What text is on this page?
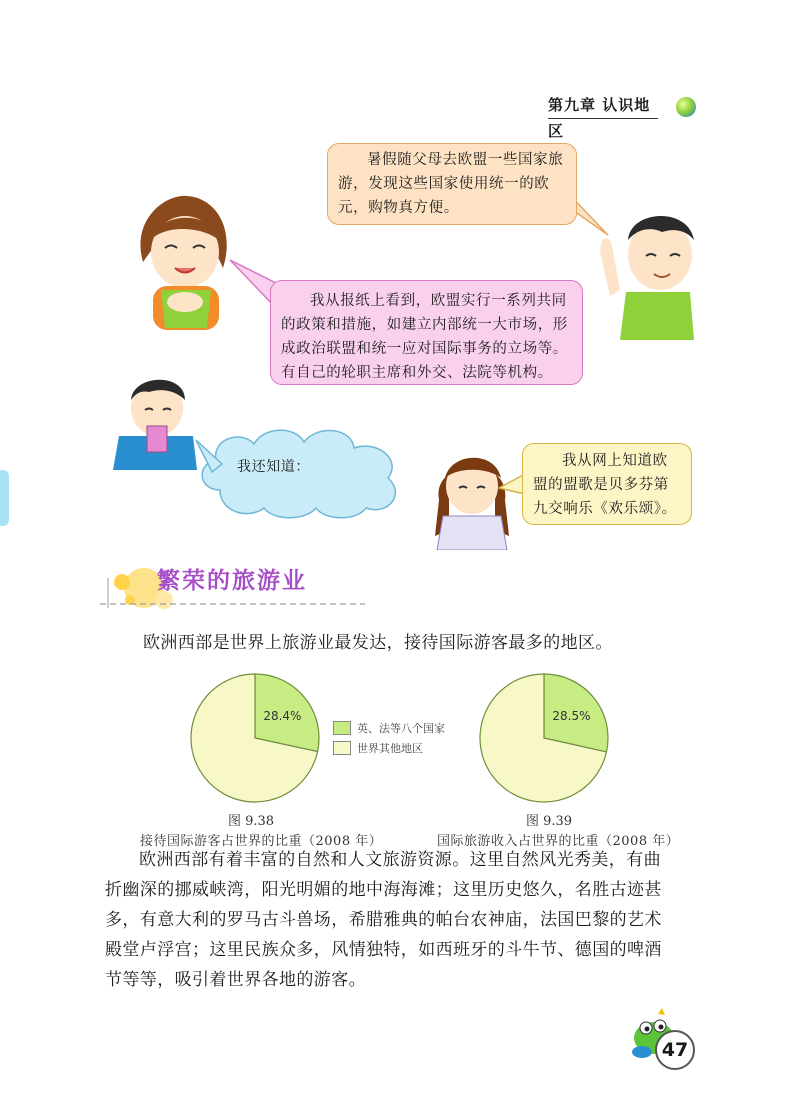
第九章 认识地区

暑假随父母去欧盟一些国家旅游，发现这些国家使用统一的欧元，购物真方便。

我从报纸上看到，欧盟实行一系列共同的政策和措施，如建立内部统一大市场，形成政治联盟和统一应对国际事务的立场等。有自己的轮职主席和外交、法院等机构。

我还知道：	我从网上知道欧盟的盟歌是贝多芬第九交响乐《欢乐颂》。

繁荣的旅游业
欧洲西部是世界上旅游业最发达，接待国际游客最多的地区。
28.4%	28.5%
英、法等八个国家
世界其他地区
图 9.38
接待国际游客占世界的比重（2008 年）
图 9.39
国际旅游收入占世界的比重（2008 年）

欧洲西部有着丰富的自然和人文旅游资源。这里自然风光秀美，有曲

折幽深的挪威峡湾，阳光明媚的地中海海滩；这里历史悠久，名胜古迹甚

多，有意大利的罗马古斗兽场，希腊雅典的帕台农神庙，法国巴黎的艺术

殿堂卢浮宫；这里民族众多，风情独特，如西班牙的斗牛节、德国的啤酒

节等等，吸引着世界各地的游客。

47
